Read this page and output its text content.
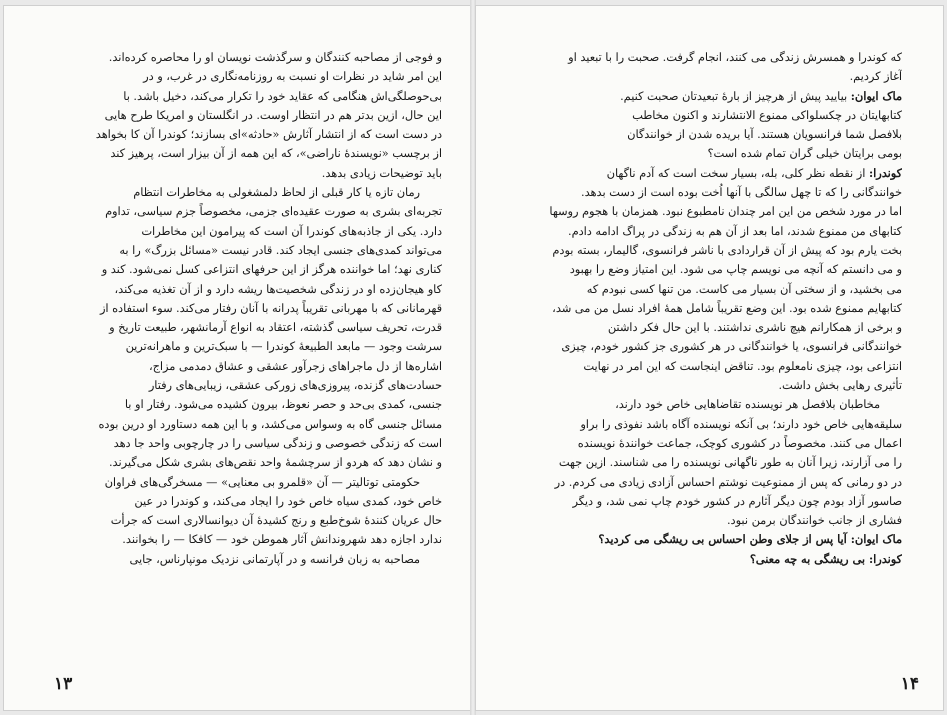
و فوجی از مصاحبه کنندگان و سرگذشت نویسان او را محاصره کرده‌اند.
این امر شاید در نظرات او نسبت به روزنامه‌نگاری در غرب، و در
بی‌حوصلگی‌اش هنگامی که عقاید خود را تکرار می‌کند، دخیل باشد. با
این حال، ازین بدتر هم در انتظار اوست. در انگلستان و امریکا طرح هایی
در دست است که از انتشار آثارش «حادثه»ای بسازند؛ کوندرا آن کا بخواهد
از برچسب «نویسندهٔ ناراضی»، که این همه از آن بیزار است، پرهیز کند
باید توضیحات زیادی بدهد.
رمان تازه یا کار قبلی از لحاظ دلمشغولی به مخاطرات انتظام
تجربه‌ای بشری به صورت عقیده‌ای جزمی، مخصوصاً جزم سیاسی، تداوم
دارد. یکی از جاذبه‌های کوندرا آن است که پیرامون این مخاطرات
می‌تواند کمدی‌های جنسی ایجاد کند. قادر نیست «مسائل بزرگ» را به
کناری نهد؛ اما خواننده هرگز از این حرفهای انتزاعی کسل نمی‌شود. کند و
کاو هیجان‌زده او در زندگی شخصیت‌ها ریشه دارد و از آن تغذیه می‌کند،
قهرمانانی که با مهربانی تقریباً پدرانه با آنان رفتار می‌کند. سوء استفاده از
قدرت، تحریف سیاسی گذشته، اعتقاد به انواع آرمانشهر، طبیعت تاریخ و
سرشت وجود — مابعد الطبیعهٔ کوندرا — با سبک‌ترین و ماهرانه‌ترین
اشاره‌ها از دل ماجراهای زجرآور عشقی و عشاق دمدمی مزاج،
حسادت‌های گزنده، پیروزی‌های زورکی عشقی، زیبایی‌های رفتار
جنسی، کمدی بی‌حد و حصر نعوظ، بیرون کشیده می‌شود. رفتار او با
مسائل جنسی گاه به وسواس می‌کشد، و با این همه دستاورد او درین بوده
است که زندگی خصوصی و زندگی سیاسی را در چارچوبی واحد جا دهد
و نشان دهد که هردو از سرچشمهٔ واحد نقص‌های بشری شکل می‌گیرند.
حکومتی توتالیتر — آن «قلمرو بی معنایی» — مسخرگی‌های فراوان
خاص خود، کمدی سیاه خاص خود را ایجاد می‌کند، و کوندرا در عین
حال عریان کنندهٔ شوخ‌طبع و رنج کشیدهٔ آن دیوانسالاری است که جرأت
ندارد اجازه دهد شهروندانش آثار هموطن خود — کافکا — را بخوانند.
مصاحبه به زبان فرانسه و در آپارتمانی نزدیک مونپارناس، جایی
۱۳
که کوندرا و همسرش زندگی می کنند، انجام گرفت. صحبت را با تبعید او
آغاز کردیم.
ماک ایوان: بیایید پیش از هرچیز از بارهٔ تبعیدتان صحبت کنیم.
کتابهایتان در چکسلواکی ممنوع الانتشارند و اکنون مخاطب
بلافصل شما فرانسویان هستند. آیا بریده شدن از خوانندگان
بومی برایتان خیلی گران تمام شده است؟
کوندرا: از نقطه نظر کلی، بله، بسیار سخت است که آدم ناگهان
خوانندگانی را که تا چهل سالگی با آنها اُخت بوده است از دست بدهد.
اما در مورد شخص من این امر چندان نامطبوع نبود. همزمان با هجوم روسها
کتابهای من ممنوع شدند، اما بعد از آن هم به زندگی در پراگ ادامه دادم.
بخت یارم بود که پیش از آن قراردادی با ناشر فرانسوی، گالیمار، بسته بودم
و می دانستم که آنچه می نویسم چاپ می شود. این امتیاز وضع را بهبود
می بخشید، و از سختی آن بسیار می کاست. من تنها کسی نبودم که
کتابهایم ممنوع شده بود. این وضع تقریباً شامل همهٔ افراد نسل من می شد،
و برخی از همکارانم هیچ ناشری نداشتند. با این حال فکر داشتن
خوانندگانی فرانسوی، یا خوانندگانی در هر کشوری جز کشور خودم، چیزی
انتزاعی بود، چیزی نامعلوم بود. تناقض اینجاست که این امر در نهایت
تأثیری رهایی بخش داشت.
مخاطبان بلافصل هر نویسنده تقاضاهایی خاص خود دارند،
سلیقه‌هایی خاص خود دارند؛ بی آنکه نویسنده آگاه باشد نفوذی را براو
اعمال می کنند. مخصوصاً در کشوری کوچک، جماعت خوانندهٔ نویسنده
را می آزارند، زیرا آنان به طور ناگهانی نویسنده را می شناسند. ازین جهت
در دو رمانی که پس از ممنوعیت نوشتم احساس آزادی زیادی می کردم. در
صاسور آزاد بودم چون دیگر آثارم در کشور خودم چاپ نمی شد، و دیگر
فشاری از جانب خوانندگان برمن نبود.
ماک ایوان: آیا پس از جلای وطن احساس بی ریشگی می کردید؟
کوندرا: بی ریشگی به چه معنی؟
۱۴
